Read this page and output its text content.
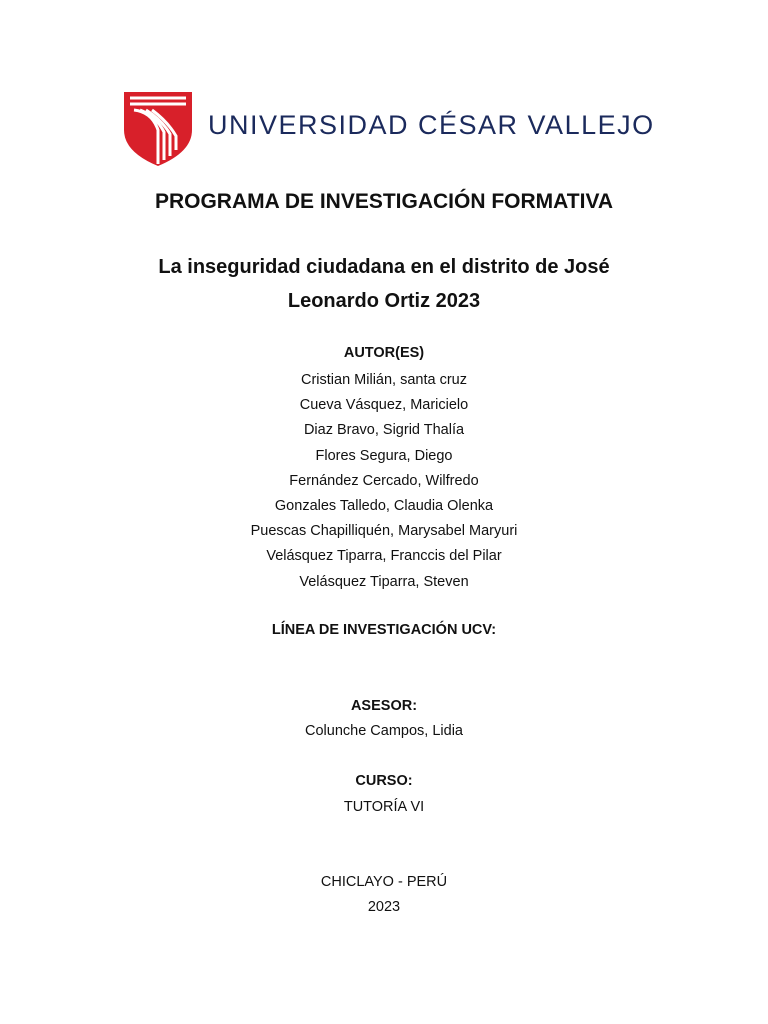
UNIVERSIDAD CÉSAR VALLEJO
PROGRAMA DE INVESTIGACIÓN FORMATIVA
La inseguridad ciudadana en el distrito de José
Leonardo Ortiz 2023
AUTOR(ES)
Cristian Milián, santa cruz
Cueva Vásquez, Maricielo
Diaz Bravo, Sigrid Thalía
Flores Segura, Diego
Fernández Cercado, Wilfredo
Gonzales Talledo, Claudia Olenka
Puescas Chapilliquén, Marysabel Maryuri
Velásquez Tiparra, Franccis del Pilar
Velásquez Tiparra, Steven
LÍNEA DE INVESTIGACIÓN UCV:
ASESOR:
Colunche Campos, Lidia
CURSO:
TUTORÍA VI
CHICLAYO - PERÚ
2023
